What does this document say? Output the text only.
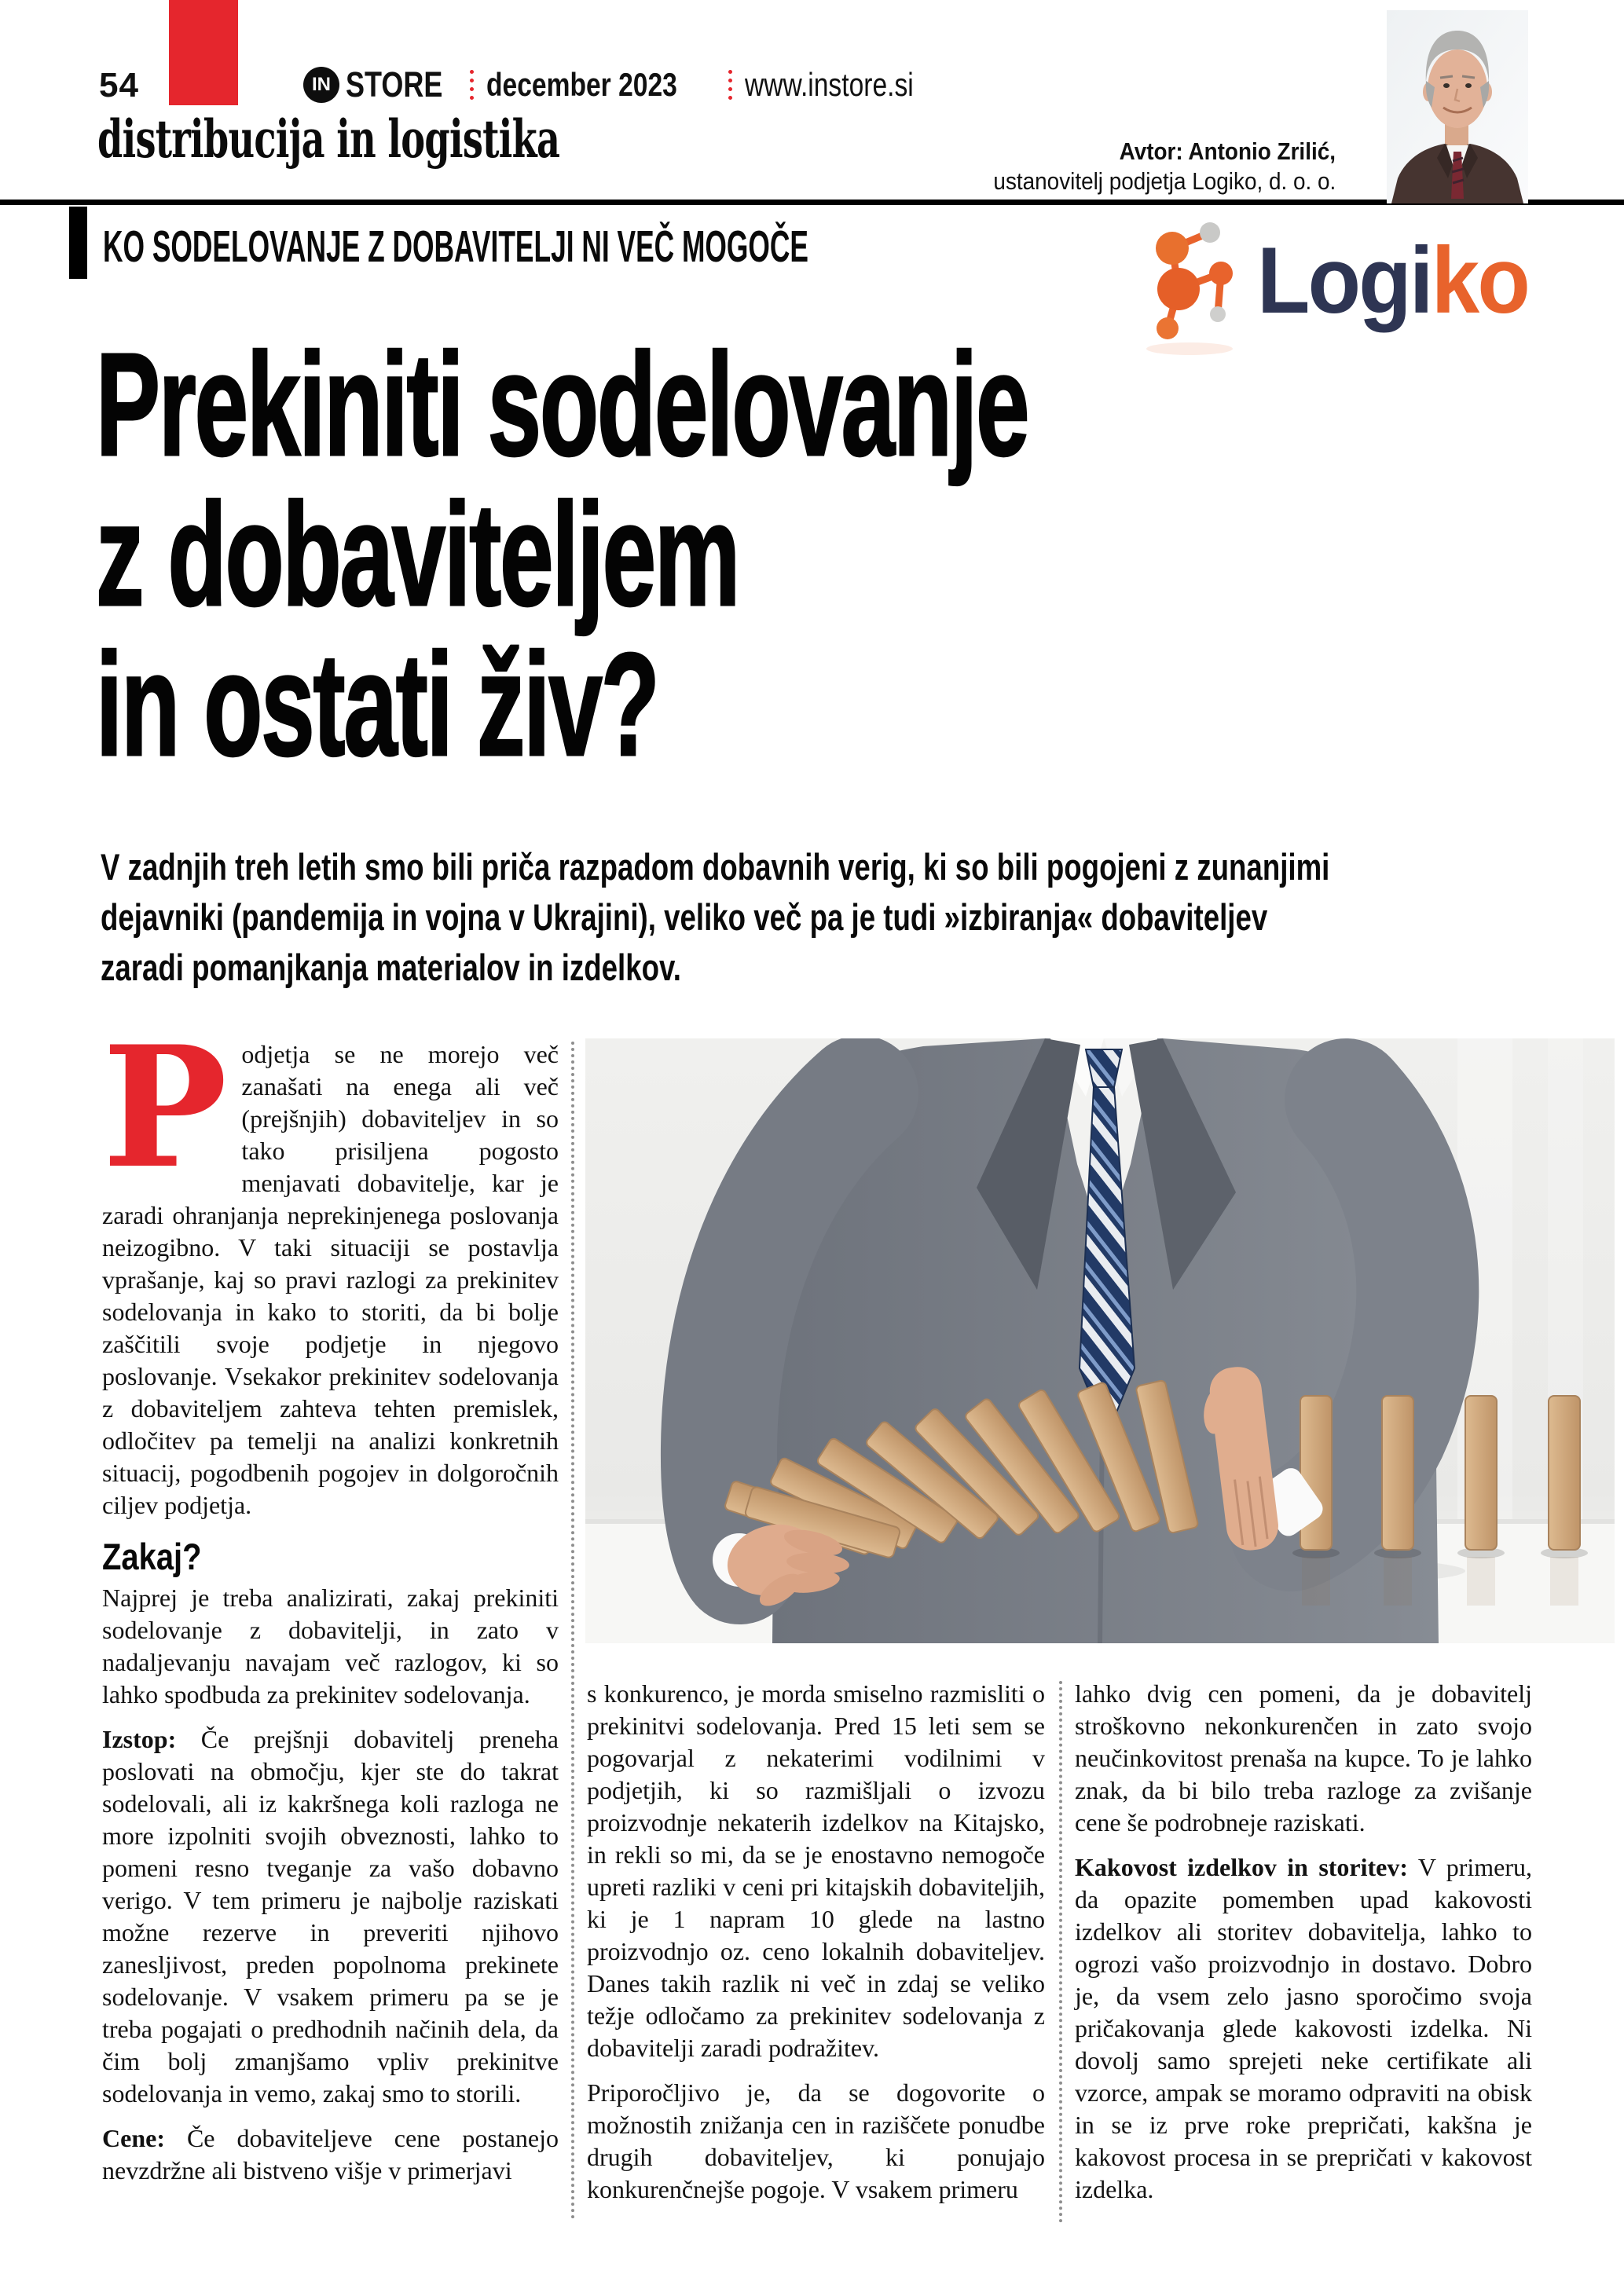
54	IN STORE	december 2023	www.instore.si
distribucija in logistika	Avtor: Antonio Zrilić,
ustanovitelj podjetja Logiko, d. o. o.
KO SODELOVANJE Z DOBAVITELJI NI VEČ MOGOČE	Logiko
Prekiniti sodelovanje
z dobaviteljem
in ostati živ?
V zadnjih treh letih smo bili priča razpadom dobavnih verig, ki so bili pogojeni z zunanjimi
dejavniki (pandemija in vojna v Ukrajini), veliko več pa je tudi »izbiranja« dobaviteljev
zaradi pomanjkanja materialov in izdelkov.

Podjetja se ne morejo več zanašati na enega ali več (prejšnjih) dobaviteljev in so tako prisiljena pogosto menjavati dobavitelje, kar je zaradi ohranjanja neprekinjenega poslovanja neizogibno. V taki situaciji se postavlja vprašanje, kaj so pravi razlogi za prekinitev sodelovanja in kako to storiti, da bi bolje zaščitili svoje podjetje in njegovo poslovanje. Vsekakor prekinitev sodelovanja z dobaviteljem zahteva tehten premislek, odločitev pa temelji na analizi konkretnih situacij, pogodbenih pogojev in dolgoročnih ciljev podjetja.

Zakaj?

Najprej je treba analizirati, zakaj prekiniti sodelovanje z dobavitelji, in zato v nadaljevanju navajam več razlogov, ki so lahko spodbuda za prekinitev sodelovanja.

Izstop: Če prejšnji dobavitelj preneha poslovati na območju, kjer ste do takrat sodelovali, ali iz kakršnega koli razloga ne more izpolniti svojih obveznosti, lahko to pomeni resno tveganje za vašo dobavno verigo. V tem primeru je najbolje raziskati možne rezerve in preveriti njihovo zanesljivost, preden popolnoma prekinete sodelovanje. V vsakem primeru pa se je treba pogajati o predhodnih načinih dela, da čim bolj zmanjšamo vpliv prekinitve sodelovanja in vemo, zakaj smo to storili.

Cene: Če dobaviteljeve cene postanejo nevzdržne ali bistveno višje v primerjavi

s konkurenco, je morda smiselno razmisliti o prekinitvi sodelovanja. Pred 15 leti sem se pogovarjal z nekaterimi vodilnimi v podjetjih, ki so razmišljali o izvozu proizvodnje nekaterih izdelkov na Kitajsko, in rekli so mi, da se je enostavno nemogoče upreti razliki v ceni pri kitajskih dobaviteljih, ki je 1 napram 10 glede na lastno proizvodnjo oz. ceno lokalnih dobaviteljev. Danes takih razlik ni več in zdaj se veliko težje odločamo za prekinitev sodelovanja z dobavitelji zaradi podražitev.

Priporočljivo je, da se dogovorite o možnostih znižanja cen in raziščete ponudbe drugih dobaviteljev, ki ponujajo konkurenčnejše pogoje. V vsakem primeru

lahko dvig cen pomeni, da je dobavitelj stroškovno nekonkurenčen in zato svojo neučinkovitost prenaša na kupce. To je lahko znak, da bi bilo treba razloge za zvišanje cene še podrobneje raziskati.

Kakovost izdelkov in storitev: V primeru, da opazite pomemben upad kakovosti izdelkov ali storitev dobavitelja, lahko to ogrozi vašo proizvodnjo in dostavo. Dobro je, da vsem zelo jasno sporočimo svoja pričakovanja glede kakovosti izdelka. Ni dovolj samo sprejeti neke certifikate ali vzorce, ampak se moramo odpraviti na obisk in se iz prve roke prepričati, kakšna je kakovost procesa in se prepričati v kakovost izdelka.
